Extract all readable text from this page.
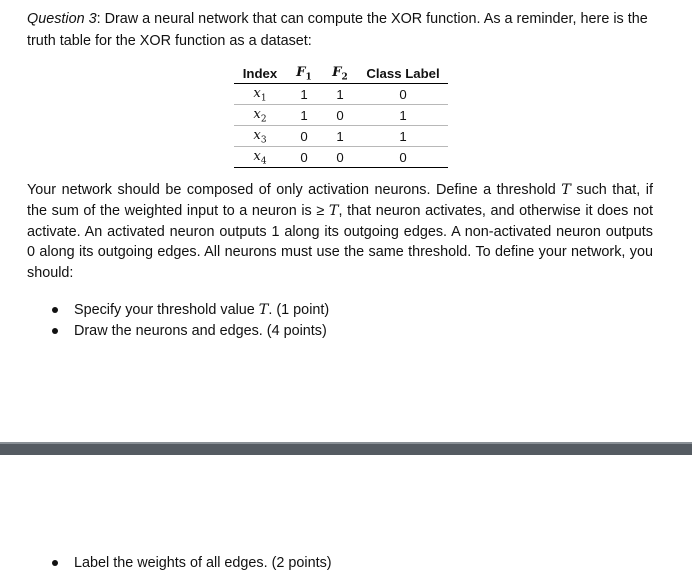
Question 3: Draw a neural network that can compute the XOR function. As a reminder, here is the truth table for the XOR function as a dataset:
Index	$F_1$	$F_2$	Class Label
$x_1$	1	1	0
$x_2$	1	0	1
$x_3$	0	1	1
$x_4$	0	0	0
Your network should be composed of only activation neurons. Define a threshold T such that, if the sum of the weighted input to a neuron is ≥ T, that neuron activates, and otherwise it does not activate. An activated neuron outputs 1 along its outgoing edges. A non-activated neuron outputs 0 along its outgoing edges. All neurons must use the same threshold. To define your network, you should:
Specify your threshold value T. (1 point)
Draw the neurons and edges. (4 points)
Label the weights of all edges. (2 points)
